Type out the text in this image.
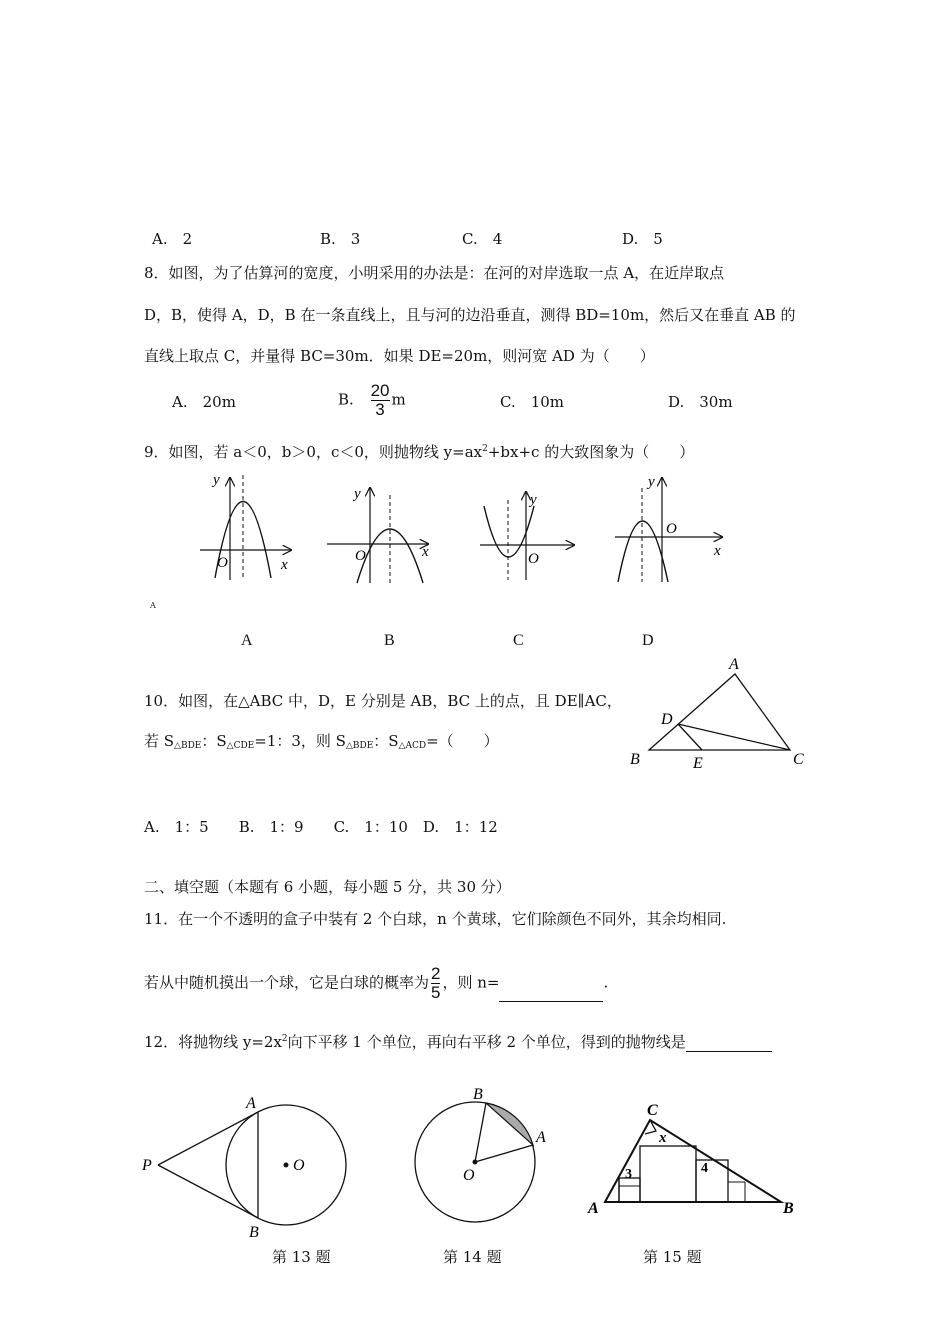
A.　2	B.　3	C.　4	D.　5
8．如图，为了估算河的宽度，小明采用的办法是：在河的对岸选取一点 A，在近岸取点
D，B，使得 A，D，B 在一条直线上，且与河的边沿垂直，测得 BD=10m，然后又在垂直 AB 的
直线上取点 C，并量得 BC=30m．如果 DE=20m，则河宽 AD 为（　　）
A.　20m	B. $\frac{20}{3}$ m	C.　10m	D.　30m
9．如图，若 a＜0，b＞0，c＜0，则抛物线 $y=ax^2+bx+c$ 的大致图象为（　　）
y
x
O
y
x
O
y
O
y
x
O
A
A	B	C	D
10．如图，在△ABC 中，D，E 分别是 AB，BC 上的点，且 DE∥AC，
若 $S_{\triangle BDE}$：$S_{\triangle CDE}=1$：3，则 $S_{\triangle BDE}$：$S_{\triangle ACD}=$（　　）
A
B	C
D
E
A.　1：5　　B.　1：9　　C.　1：10　D.　1：12
二、填空题（本题有 6 小题，每小题 5 分，共 30 分）
11．在一个不透明的盒子中装有 2 个白球，n 个黄球，它们除颜色不同外，其余均相同.
若从中随机摸出一个球，它是白球的概率为 $\frac{2}{5}$ ，则 n=	.
12．将抛物线 $y=2x^2$向下平移 1 个单位，再向右平移 2 个单位，得到的抛物线是
P
A
B
O
第 13 题
B
A
O
第 14 题
C
A	B
x
3	4
第 15 题
